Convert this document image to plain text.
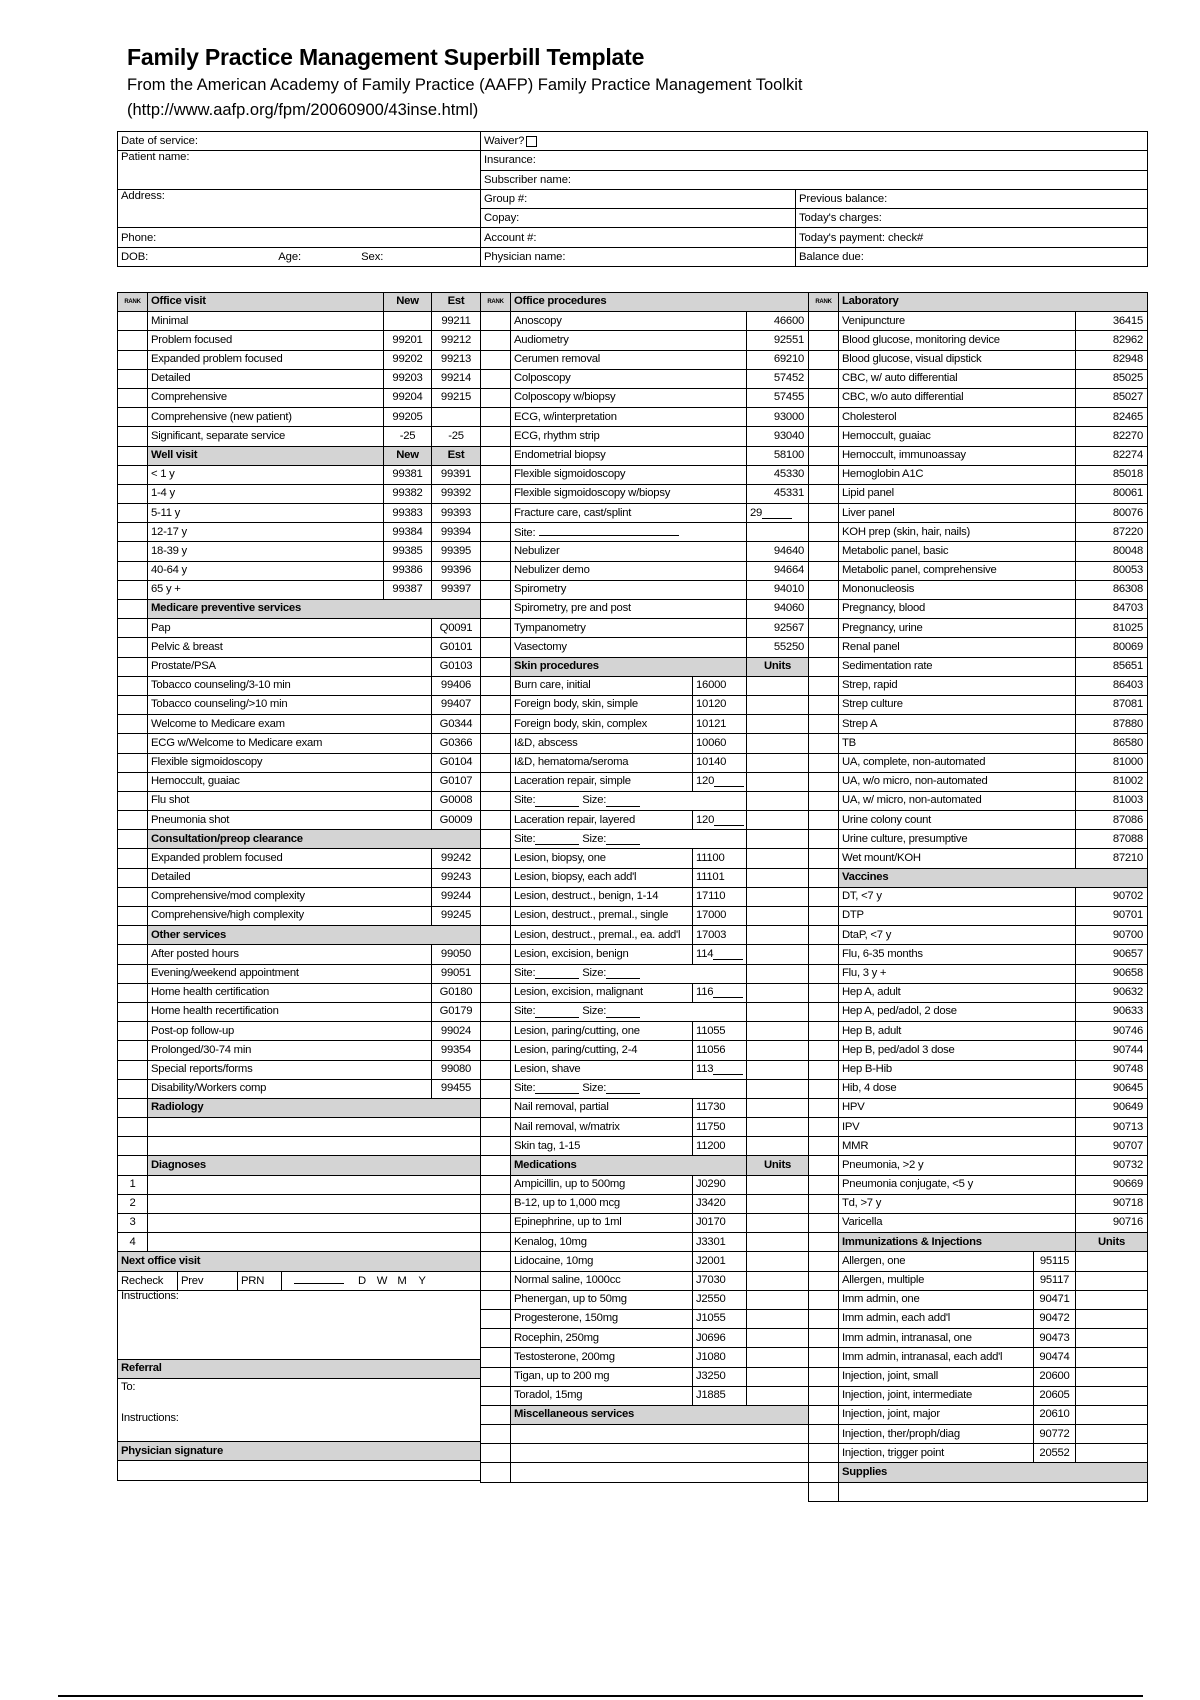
Family Practice Management Superbill Template
From the American Academy of Family Practice (AAFP) Family Practice Management Toolkit
(http://www.aafp.org/fpm/20060900/43inse.html)
Date of service:	Waiver?	
Patient name:	Insurance:	
	Subscriber name:	
Address:	Group #:	Previous balance:
	Copay:	Today's charges:
Phone:	Account #:	Today's payment: check#
DOB: Age: Sex:	Physician name:	Balance due:
RANK	Office visit	New	Est
	Minimal		99211
	Problem focused	99201	99212
	Expanded problem focused	99202	99213
	Detailed	99203	99214
	Comprehensive	99204	99215
	Comprehensive (new patient)	99205	
	Significant, separate service	-25	-25
	Well visit	New	Est
	< 1 y	99381	99391
	1-4 y	99382	99392
	5-11 y	99383	99393
	12-17 y	99384	99394
	18-39 y	99385	99395
	40-64 y	99386	99396
	65 y +	99387	99397
	Medicare preventive services		
	Pap		Q0091
	Pelvic & breast		G0101
	Prostate/PSA		G0103
	Tobacco counseling/3-10 min		99406
	Tobacco counseling/>10 min		99407
	Welcome to Medicare exam		G0344
	ECG w/Welcome to Medicare exam		G0366
	Flexible sigmoidoscopy		G0104
	Hemoccult, guaiac		G0107
	Flu shot		G0008
	Pneumonia shot		G0009
	Consultation/preop clearance		
	Expanded problem focused		99242
	Detailed		99243
	Comprehensive/mod complexity		99244
	Comprehensive/high complexity		99245
	Other services		
	After posted hours		99050
	Evening/weekend appointment		99051
	Home health certification		G0180
	Home health recertification		G0179
	Post-op follow-up		99024
	Prolonged/30-74 min		99354
	Special reports/forms		99080
	Disability/Workers comp		99455
	Radiology		

	Diagnoses		
1			
2			
3			
4			
Next office visit			
Recheck Prev PRN D W M Y			
Instructions:			
Referral			
To:			
Instructions:			
Physician signature			

RANK	Office procedures		
	Anoscopy		46600
	Audiometry		92551
	Cerumen removal		69210
	Colposcopy		57452
	Colposcopy w/biopsy		57455
	ECG, w/interpretation		93000
	ECG, rhythm strip		93040
	Endometrial biopsy		58100
	Flexible sigmoidoscopy		45330
	Flexible sigmoidoscopy w/biopsy		45331
	Fracture care, cast/splint		29
	Site:		
	Nebulizer		94640
	Nebulizer demo		94664
	Spirometry		94010
	Spirometry, pre and post		94060
	Tympanometry		92567
	Vasectomy		55250
	Skin procedures		Units
	Burn care, initial	16000	
	Foreign body, skin, simple	10120	
	Foreign body, skin, complex	10121	
	I&D, abscess	10060	
	I&D, hematoma/seroma	10140	
	Laceration repair, simple	120	
	Site: Size:		
	Laceration repair, layered	120	
	Site: Size:		
	Lesion, biopsy, one	11100	
	Lesion, biopsy, each add'l	11101	
	Lesion, destruct., benign, 1-14	17110	
	Lesion, destruct., premal., single	17000	
	Lesion, destruct., premal., ea. add'l	17003	
	Lesion, excision, benign	114	
	Site: Size:		
	Lesion, excision, malignant	116	
	Site: Size:		
	Lesion, paring/cutting, one	11055	
	Lesion, paring/cutting, 2-4	11056	
	Lesion, shave	113	
	Site: Size:		
	Nail removal, partial	11730	
	Nail removal, w/matrix	11750	
	Skin tag, 1-15	11200	
	Medications		Units
	Ampicillin, up to 500mg	J0290	
	B-12, up to 1,000 mcg	J3420	
	Epinephrine, up to 1ml	J0170	
	Kenalog, 10mg	J3301	
	Lidocaine, 10mg	J2001	
	Normal saline, 1000cc	J7030	
	Phenergan, up to 50mg	J2550	
	Progesterone, 150mg	J1055	
	Rocephin, 250mg	J0696	
	Testosterone, 200mg	J1080	
	Tigan, up to 200 mg	J3250	
	Toradol, 15mg	J1885	
	Miscellaneous services		

RANK	Laboratory		
	Venipuncture		36415
	Blood glucose, monitoring device		82962
	Blood glucose, visual dipstick		82948
	CBC, w/ auto differential		85025
	CBC, w/o auto differential		85027
	Cholesterol		82465
	Hemoccult, guaiac		82270
	Hemoccult, immunoassay		82274
	Hemoglobin A1C		85018
	Lipid panel		80061
	Liver panel		80076
	KOH prep (skin, hair, nails)		87220
	Metabolic panel, basic		80048
	Metabolic panel, comprehensive		80053
	Mononucleosis		86308
	Pregnancy, blood		84703
	Pregnancy, urine		81025
	Renal panel		80069
	Sedimentation rate		85651
	Strep, rapid		86403
	Strep culture		87081
	Strep A		87880
	TB		86580
	UA, complete, non-automated		81000
	UA, w/o micro, non-automated		81002
	UA, w/ micro, non-automated		81003
	Urine colony count		87086
	Urine culture, presumptive		87088
	Wet mount/KOH		87210
	Vaccines		
	DT, <7 y		90702
	DTP		90701
	DtaP, <7 y		90700
	Flu, 6-35 months		90657
	Flu, 3 y +		90658
	Hep A, adult		90632
	Hep A, ped/adol, 2 dose		90633
	Hep B, adult		90746
	Hep B, ped/adol 3 dose		90744
	Hep B-Hib		90748
	Hib, 4 dose		90645
	HPV		90649
	IPV		90713
	MMR		90707
	Pneumonia, >2 y		90732
	Pneumonia conjugate, <5 y		90669
	Td, >7 y		90718
	Varicella		90716
	Immunizations & Injections		Units
	Allergen, one	95115	
	Allergen, multiple	95117	
	Imm admin, one	90471	
	Imm admin, each add'l	90472	
	Imm admin, intranasal, one	90473	
	Imm admin, intranasal, each add'l	90474	
	Injection, joint, small	20600	
	Injection, joint, intermediate	20605	
	Injection, joint, major	20610	
	Injection, ther/proph/diag	90772	
	Injection, trigger point	20552	
	Supplies		
